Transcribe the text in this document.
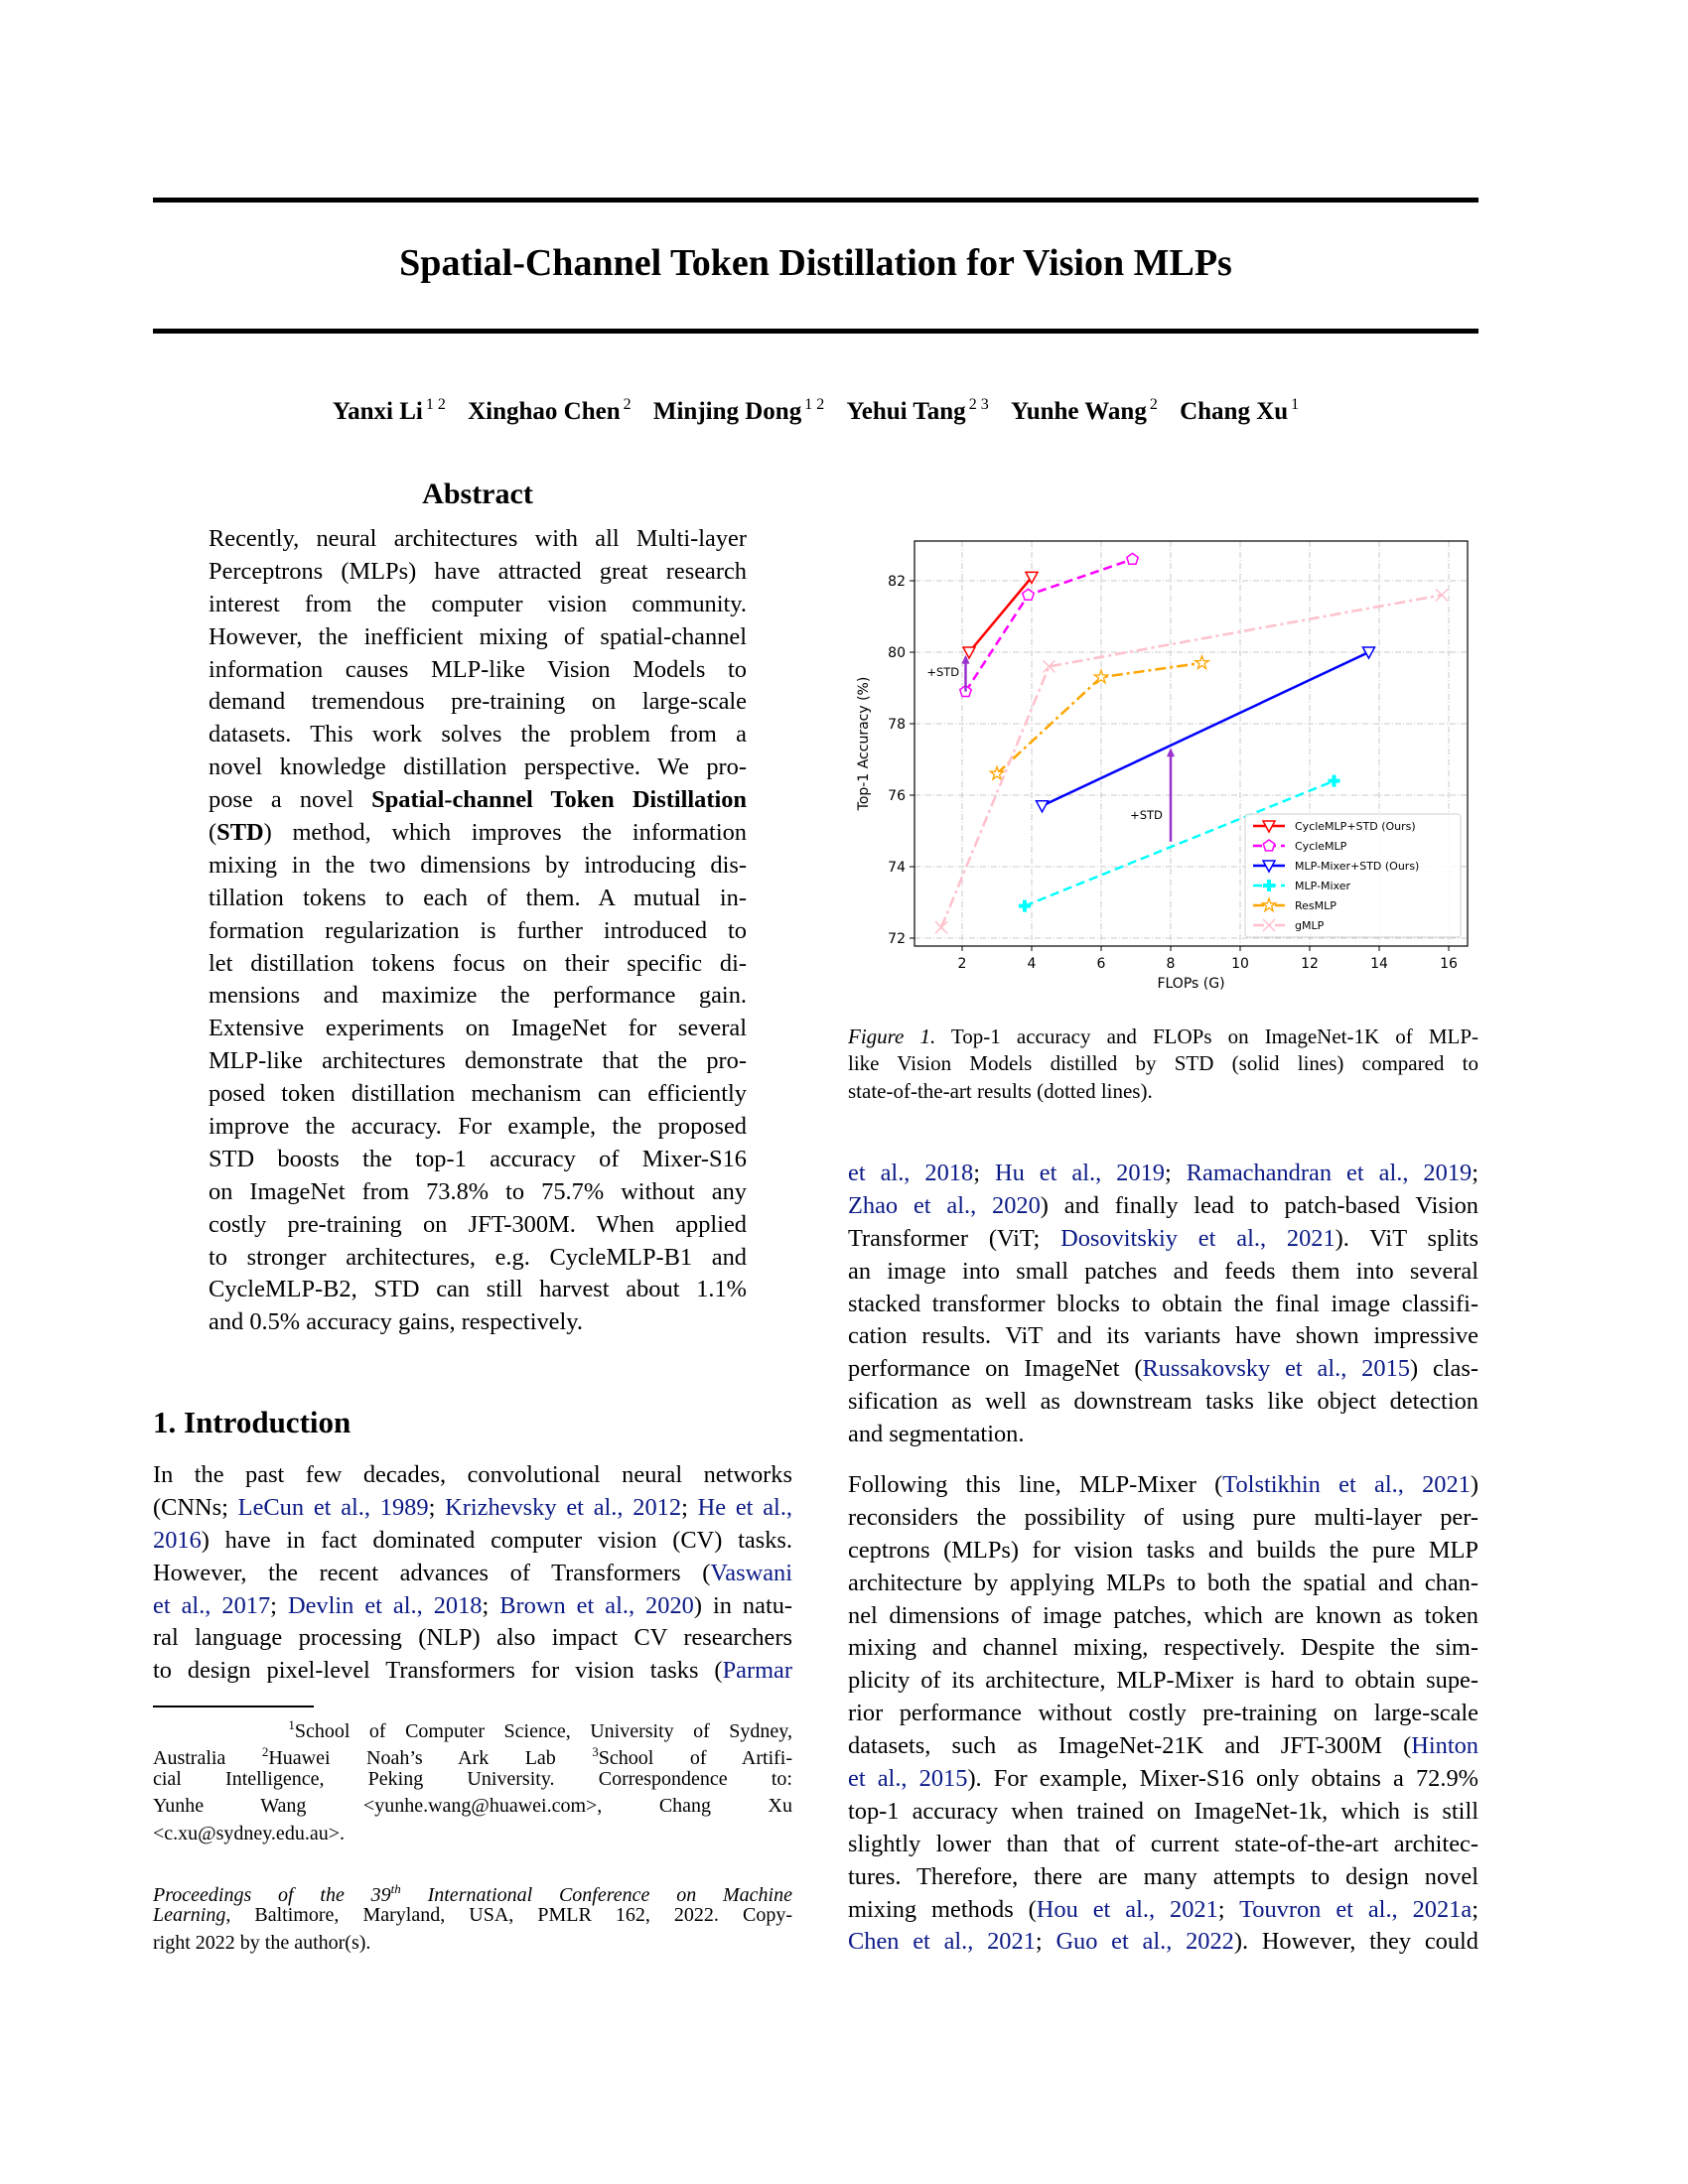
Spatial-Channel Token Distillation for Vision MLPs
Yanxi Li $^{1 2}$ Xinghao Chen $^2$ Minjing Dong $^{1 2}$ Yehui Tang $^{2 3}$ Yunhe Wang $^2$ Chang Xu $^1$
Abstract
Recently, neural architectures with all Multi-layer
Perceptrons (MLPs) have attracted great research
interest from the computer vision community.
However, the inefficient mixing of spatial-channel
information causes MLP-like Vision Models to
demand tremendous pre-training on large-scale
datasets. This work solves the problem from a
novel knowledge distillation perspective. We pro-
pose a novel Spatial-channel Token Distillation
(STD) method, which improves the information
mixing in the two dimensions by introducing dis-
tillation tokens to each of them. A mutual in-
formation regularization is further introduced to
let distillation tokens focus on their specific di-
mensions and maximize the performance gain.
Extensive experiments on ImageNet for several
MLP-like architectures demonstrate that the pro-
posed token distillation mechanism can efficiently
improve the accuracy. For example, the proposed
STD boosts the top-1 accuracy of Mixer-S16
on ImageNet from 73.8% to 75.7% without any
costly pre-training on JFT-300M. When applied
to stronger architectures, e.g. CycleMLP-B1 and
CycleMLP-B2, STD can still harvest about 1.1%
and 0.5% accuracy gains, respectively.
1. Introduction
In the past few decades, convolutional neural networks
(CNNs; LeCun et al., 1989; Krizhevsky et al., 2012; He et al.,
2016) have in fact dominated computer vision (CV) tasks.
However, the recent advances of Transformers (Vaswani
et al., 2017; Devlin et al., 2018; Brown et al., 2020) in natu-
ral language processing (NLP) also impact CV researchers
to design pixel-level Transformers for vision tasks (Parmar
$^1$School of Computer Science, University of Sydney,
Australia $^2$Huawei Noah’s Ark Lab $^3$School of Artifi-
cial Intelligence, Peking University. Correspondence to:
Yunhe Wang <yunhe.wang@huawei.com>, Chang Xu
<c.xu@sydney.edu.au>.
Proceedings of the 39th International Conference on Machine
Learning, Baltimore, Maryland, USA, PMLR 162, 2022. Copy-
right 2022 by the author(s).
2	4	6	8	10	12	14	16
72
74
76
78
80
82
FLOPs (G)
Top-1 Accuracy (%)
+STD
+STD
CycleMLP+STD (Ours)
CycleMLP
MLP-Mixer+STD (Ours)
MLP-Mixer
ResMLP
gMLP
Figure 1. Top-1 accuracy and FLOPs on ImageNet-1K of MLP-
like Vision Models distilled by STD (solid lines) compared to
state-of-the-art results (dotted lines).
et al., 2018; Hu et al., 2019; Ramachandran et al., 2019;
Zhao et al., 2020) and finally lead to patch-based Vision
Transformer (ViT; Dosovitskiy et al., 2021). ViT splits
an image into small patches and feeds them into several
stacked transformer blocks to obtain the final image classifi-
cation results. ViT and its variants have shown impressive
performance on ImageNet (Russakovsky et al., 2015) clas-
sification as well as downstream tasks like object detection
and segmentation.
Following this line, MLP-Mixer (Tolstikhin et al., 2021)
reconsiders the possibility of using pure multi-layer per-
ceptrons (MLPs) for vision tasks and builds the pure MLP
architecture by applying MLPs to both the spatial and chan-
nel dimensions of image patches, which are known as token
mixing and channel mixing, respectively. Despite the sim-
plicity of its architecture, MLP-Mixer is hard to obtain supe-
rior performance without costly pre-training on large-scale
datasets, such as ImageNet-21K and JFT-300M (Hinton
et al., 2015). For example, Mixer-S16 only obtains a 72.9%
top-1 accuracy when trained on ImageNet-1k, which is still
slightly lower than that of current state-of-the-art architec-
tures. Therefore, there are many attempts to design novel
mixing methods (Hou et al., 2021; Touvron et al., 2021a;
Chen et al., 2021; Guo et al., 2022). However, they could
